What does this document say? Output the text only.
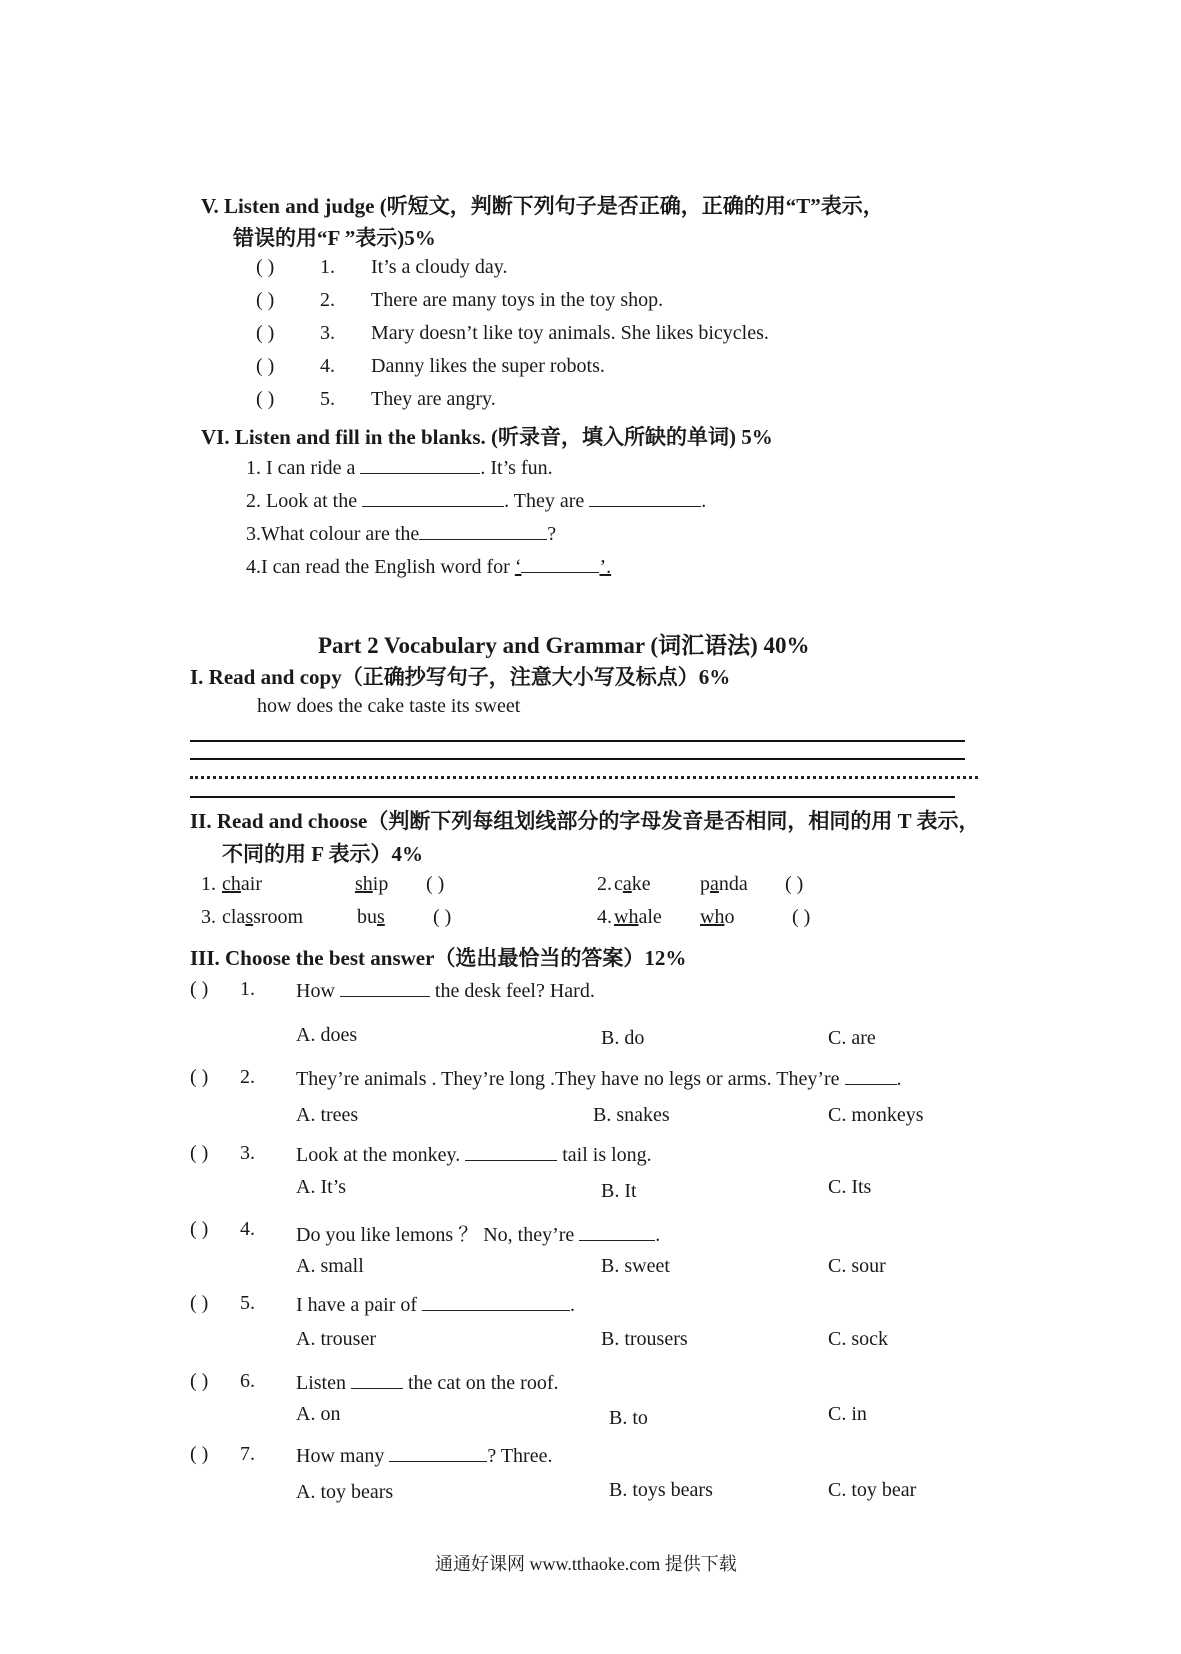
V. Listen and judge (听短文，判断下列句子是否正确，正确的用“T”表示，
错误的用“F ”表示)5%
( ) 1. It’s a cloudy day.
( ) 2. There are many toys in the toy shop.
( ) 3. Mary doesn’t like toy animals. She likes bicycles.
( ) 4. Danny likes the super robots.
( ) 5. They are angry.
VI. Listen and fill in the blanks. (听录音，填入所缺的单词) 5%
1. I can ride a	. It’s fun.
2. Look at the	. They are	.
3.What colour are the	?
4.I can read the English word for ‘	’.
Part 2 Vocabulary and Grammar (词汇语法) 40%
I. Read and copy（正确抄写句子，注意大小写及标点）6%
how does the cake taste its sweet
II. Read and choose（判断下列每组划线部分的字母发音是否相同，相同的用 T 表示，
不同的用 F 表示）4%
1. chair	ship ( )	2. cake panda ( )
3. classroom	bus ( )	4. whale who	( )
III. Choose the best answer（选出最恰当的答案）12%
( ) 1. How	the desk feel? Hard.
A. does	B. do	C. are
( ) 2. They’re animals . They’re long .They have no legs or arms. They’re	.
A. trees	B. snakes	C. monkeys
( ) 3. Look at the monkey.	tail is long.
A. It’s	B. It	C. Its
( ) 4. Do you like lemons ？ No, they’re	.
A. small	B. sweet	C. sour
( ) 5. I have a pair of	.
A. trouser	B. trousers	C. sock
( ) 6. Listen	the cat on the roof.
A. on	B. to	C. in
( ) 7. How many	? Three.
A. toy bears	B. toys bears	C. toy bear
通通好课网 www.tthaoke.com 提供下载
